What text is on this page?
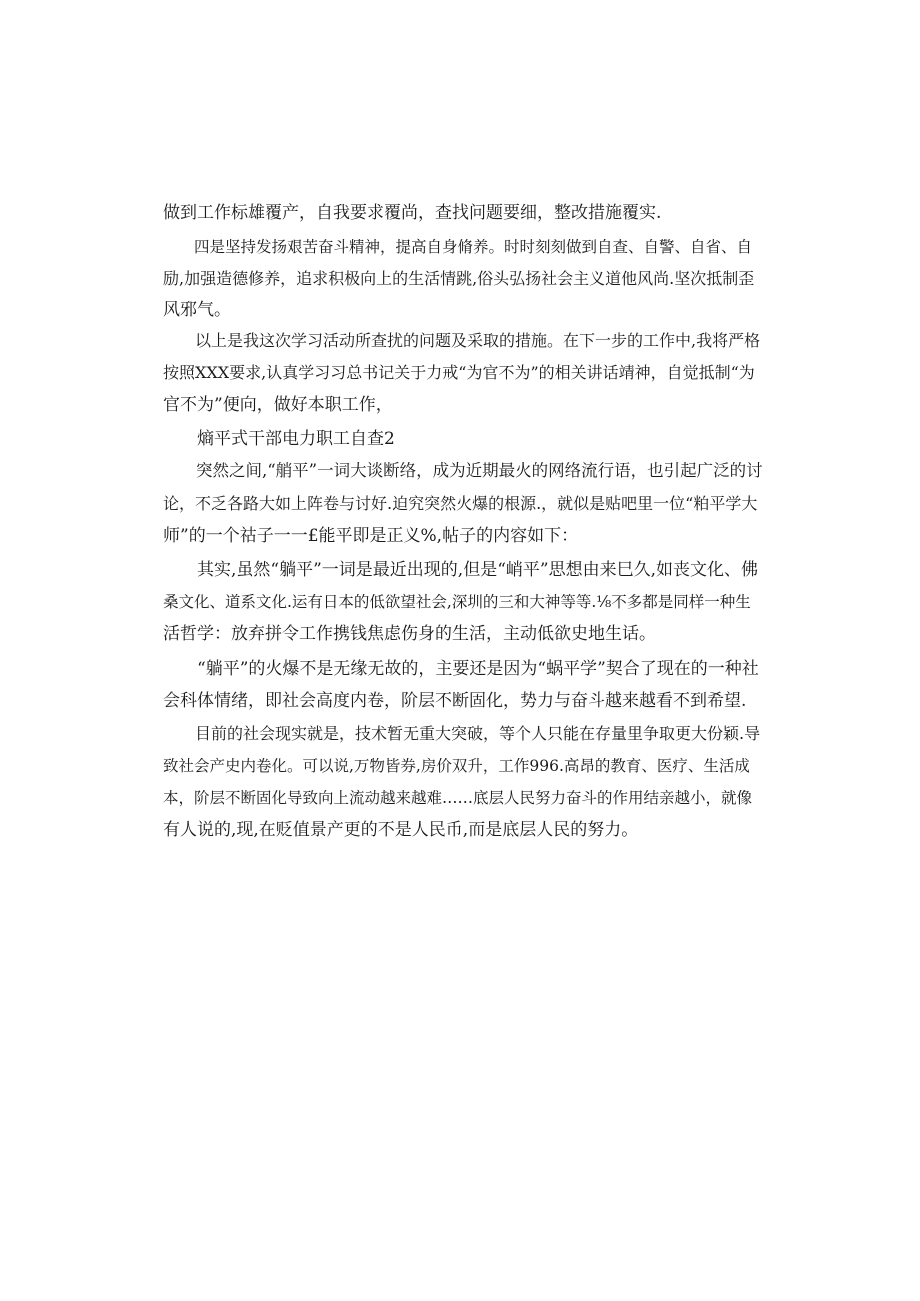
做到工作标雄覆产，自我要求覆尚，查找问题要细，整改措施覆实.
　　四是坚持发扬艰苦奋斗精神，提高自身脩养。时时刻刻做到自查、自警、自省、自
励,加强造德修养，追求积极向上的生活情跳,俗头弘扬社会主义道他风尚.坚次抵制歪
风邪气。
　　以上是我这次学习活动所查扰的问题及采取的措施。在下一步的工作中,我将严格
按照XXX要求,认真学习习总书记关于力戒“为官不为”的相关讲话靖神，自觉抵制“为
官不为”便向，做好本职工作，
　　熵平式干部电力职工自查2
　　突然之间,“艄平”一词大谈断络，成为近期最火的网络流行语，也引起广泛的讨
论，不乏各路大如上阵卷与讨好.迫究突然火爆的根源.，就似是贴吧里一位“粕平学大
师”的一个祜子一一£能平即是正义%,帖子的内容如下：
　　其实,虽然“躺平”一词是最近出现的,但是“峭平”思想由来巳久,如丧文化、佛
桑文化、道系文化.运有日本的低欲望社会,深圳的三和大神等等.⅛不多都是同样一种生
活哲学：放弃拼令工作携钱焦虑伤身的生活，主动低欲史地生话。
　　“躺平”的火爆不是无缘无故的，主要还是因为“蜗平学”契合了现在的一种社
会科体情绪，即社会高度内卷，阶层不断固化，势力与奋斗越来越看不到希望.
　　目前的社会现实就是，技术暂无重大突破，等个人只能在存量里争取更大份颖.导
致社会产史内卷化。可以说,万物皆券,房价双升，工作996.高昂的教育、医疗、生活成
本，阶层不断固化导致向上流动越来越难……底层人民努力奋斗的作用结亲越小，就像
有人说的,现,在贬值景产更的不是人民币,而是底层人民的努力。
